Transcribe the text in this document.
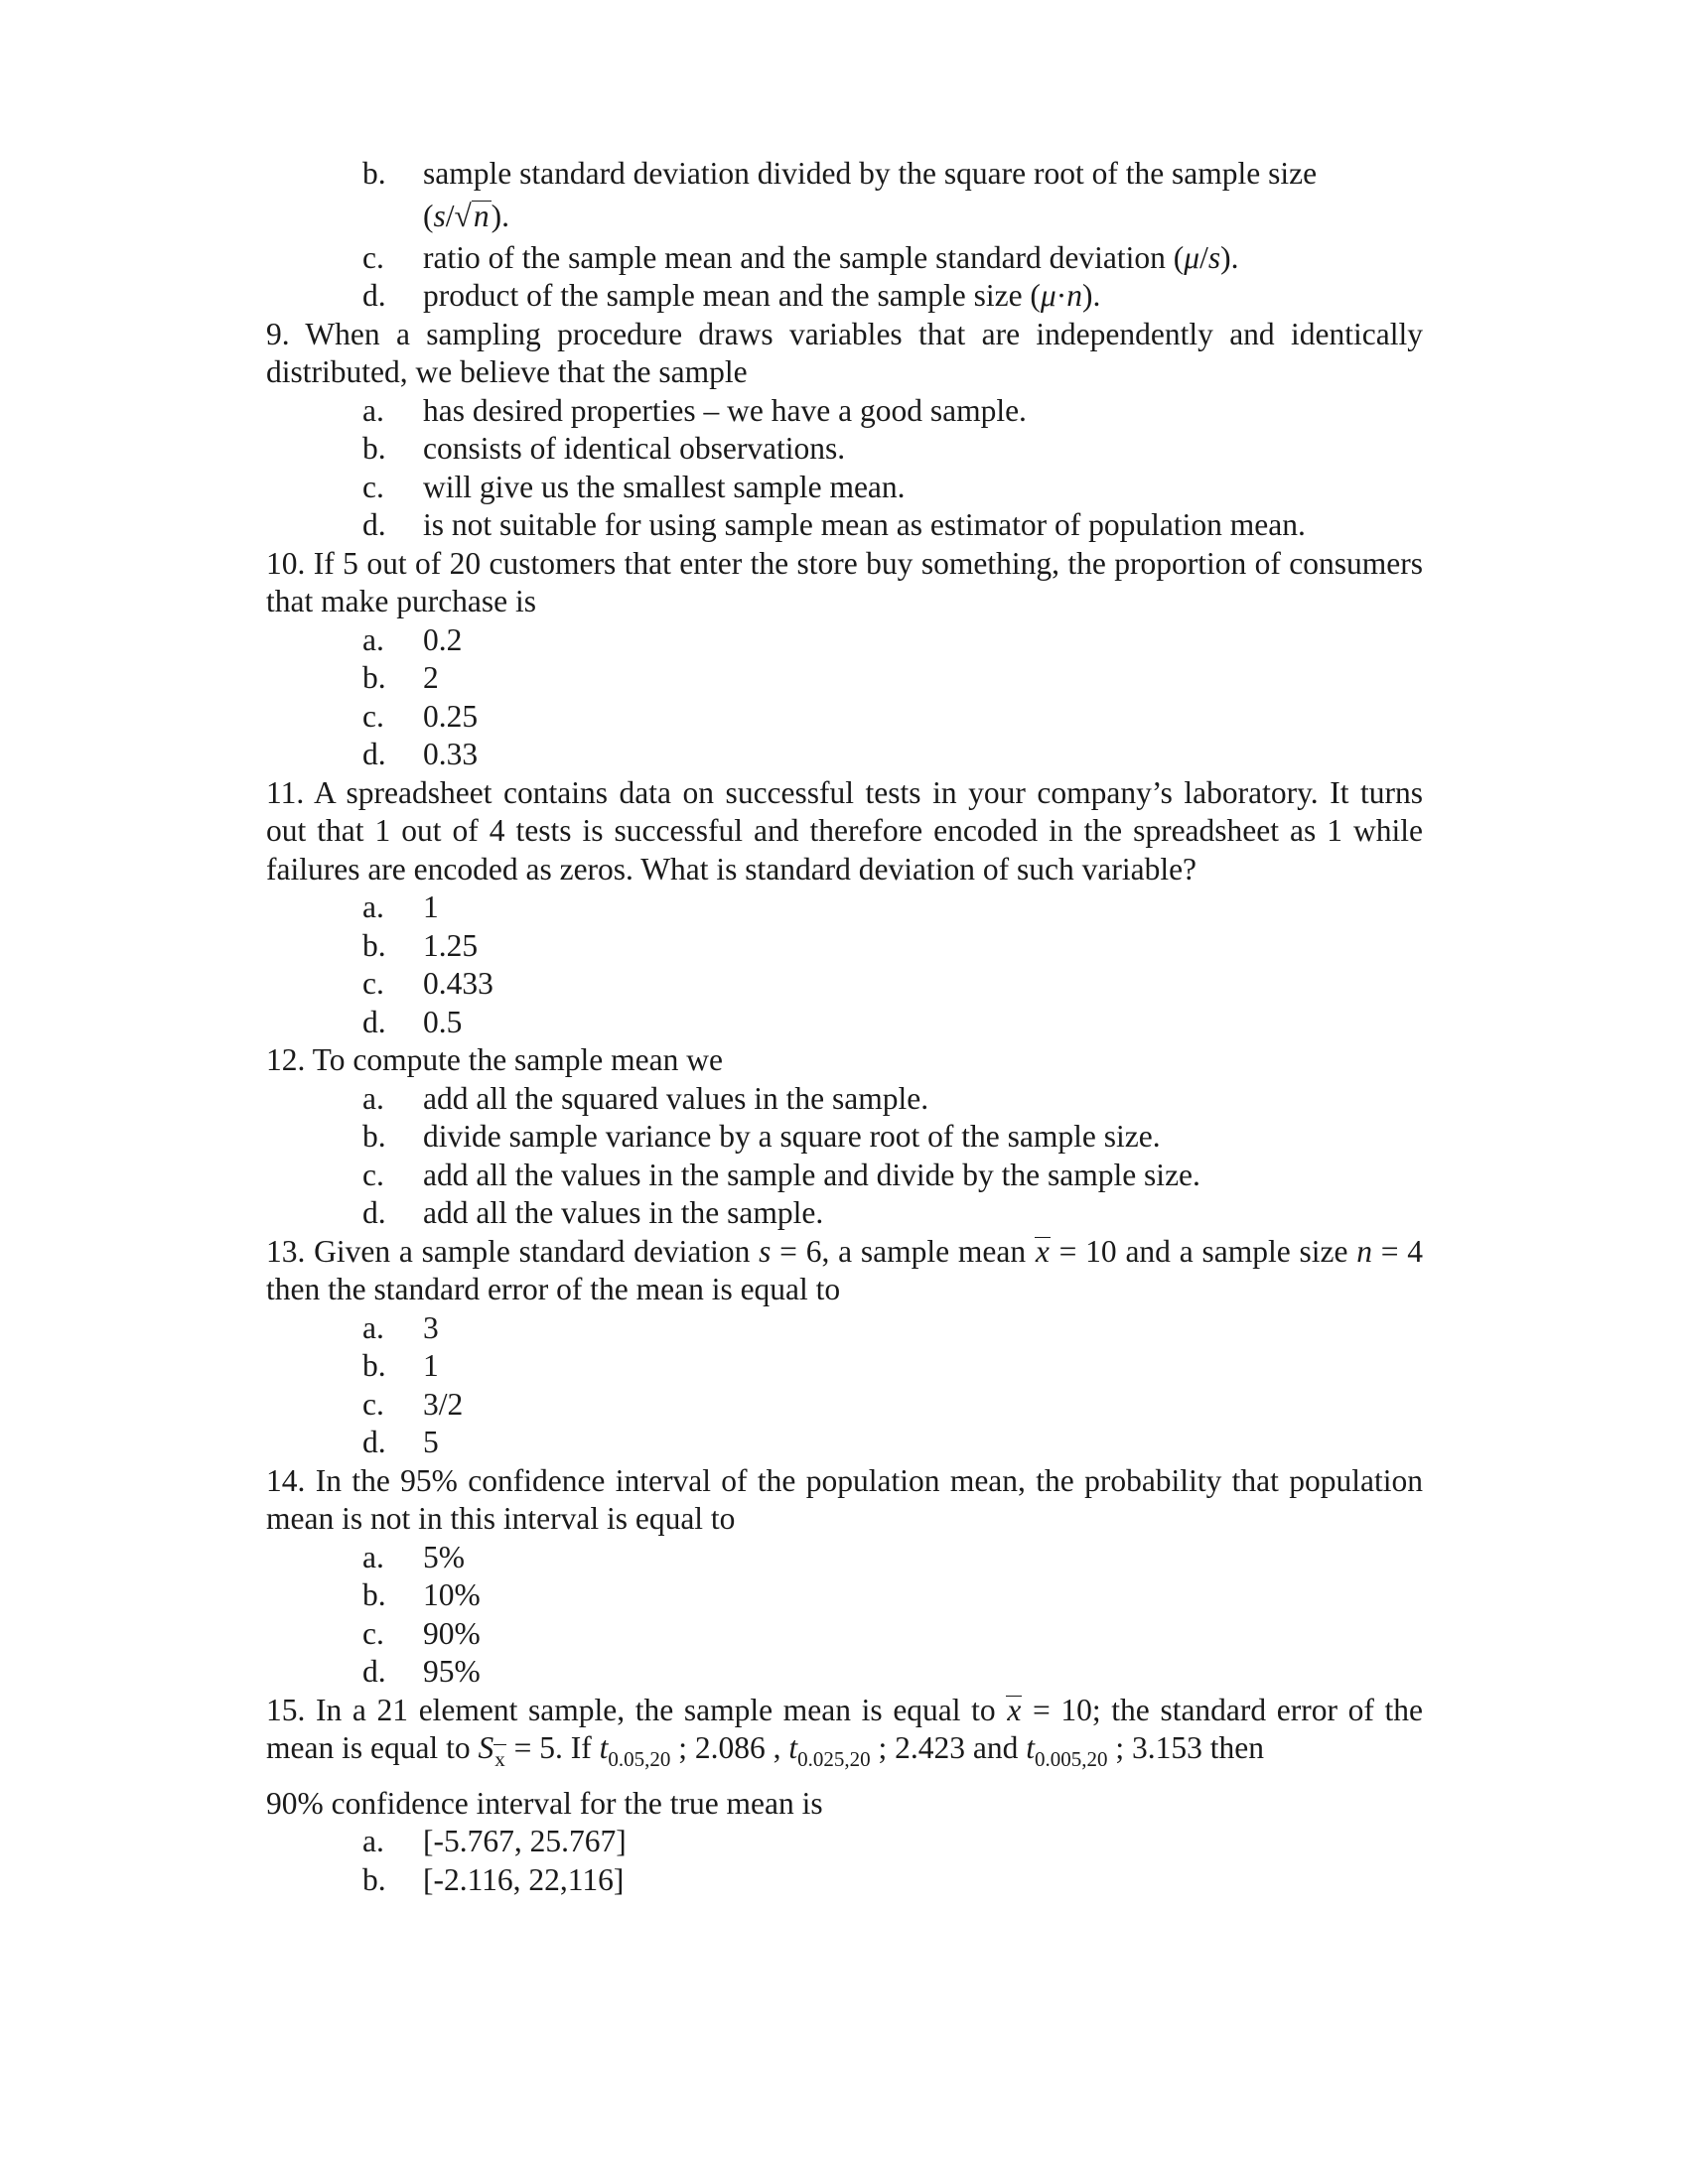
b.	sample standard deviation divided by the square root of the sample size

(s/√n).

c.	ratio of the sample mean and the sample standard deviation (μ/s).

d.	product of the sample mean and the sample size (μ·n).

9. When a sampling procedure draws variables that are independently and identically distributed, we believe that the sample

a.	has desired properties – we have a good sample.

b.	consists of identical observations.

c.	will give us the smallest sample mean.

d.	is not suitable for using sample mean as estimator of population mean.

10. If 5 out of 20 customers that enter the store buy something, the proportion of consumers that make purchase is

a.	0.2

b.	2

c.	0.25

d.	0.33

11. A spreadsheet contains data on successful tests in your company’s laboratory. It turns out that 1 out of 4 tests is successful and therefore encoded in the spreadsheet as 1 while failures are encoded as zeros. What is standard deviation of such variable?

a.	1

b.	1.25

c.	0.433

d.	0.5

12. To compute the sample mean we

a.	add all the squared values in the sample.

b.	divide sample variance by a square root of the sample size.

c.	add all the values in the sample and divide by the sample size.

d.	add all the values in the sample.

13. Given a sample standard deviation s = 6, a sample mean x = 10 and a sample size n = 4 then the standard error of the mean is equal to

a.	3

b.	1

c.	3/2

d.	5

14. In the 95% confidence interval of the population mean, the probability that population mean is not in this interval is equal to

a.	5%

b.	10%

c.	90%

d.	95%

15. In a 21 element sample, the sample mean is equal to x = 10; the standard error of the mean is equal to Sx = 5. If $t_{0.05,20}$ ; 2.086 , $t_{0.025,20}$ ; 2.423 and $t_{0.005,20}$ ; 3.153 then

90% confidence interval for the true mean is

a.	[-5.767, 25.767]

b.	[-2.116, 22,116]
